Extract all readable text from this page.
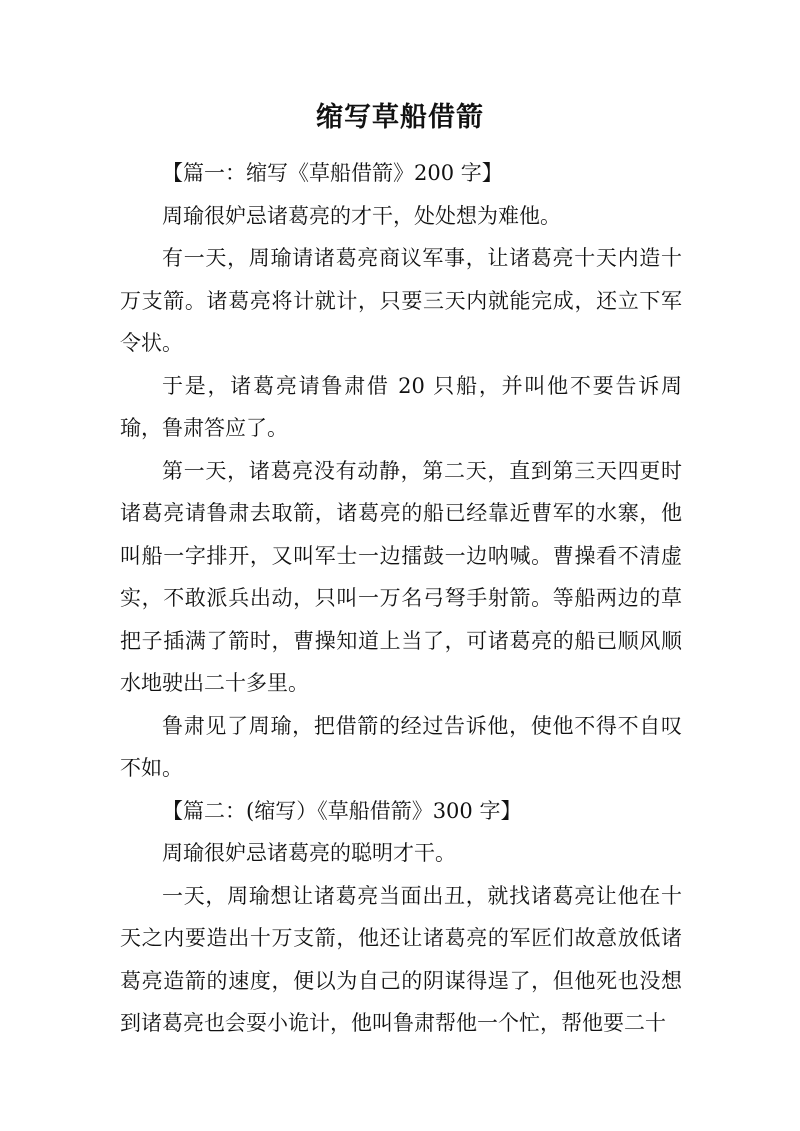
缩写草船借箭

【篇一：缩写《草船借箭》200 字】

周瑜很妒忌诸葛亮的才干，处处想为难他。

有一天，周瑜请诸葛亮商议军事，让诸葛亮十天内造十万支箭。诸葛亮将计就计，只要三天内就能完成，还立下军令状。

于是，诸葛亮请鲁肃借 20 只船，并叫他不要告诉周瑜，鲁肃答应了。

第一天，诸葛亮没有动静，第二天，直到第三天四更时诸葛亮请鲁肃去取箭，诸葛亮的船已经靠近曹军的水寨，他叫船一字排开，又叫军士一边擂鼓一边呐喊。曹操看不清虚实，不敢派兵出动，只叫一万名弓弩手射箭。等船两边的草把子插满了箭时，曹操知道上当了，可诸葛亮的船已顺风顺水地驶出二十多里。

鲁肃见了周瑜，把借箭的经过告诉他，使他不得不自叹不如。

【篇二：(缩写）《草船借箭》300 字】

周瑜很妒忌诸葛亮的聪明才干。

一天，周瑜想让诸葛亮当面出丑，就找诸葛亮让他在十天之内要造出十万支箭，他还让诸葛亮的军匠们故意放低诸葛亮造箭的速度，便以为自己的阴谋得逞了，但他死也没想到诸葛亮也会耍小诡计，他叫鲁肃帮他一个忙，帮他要二十
